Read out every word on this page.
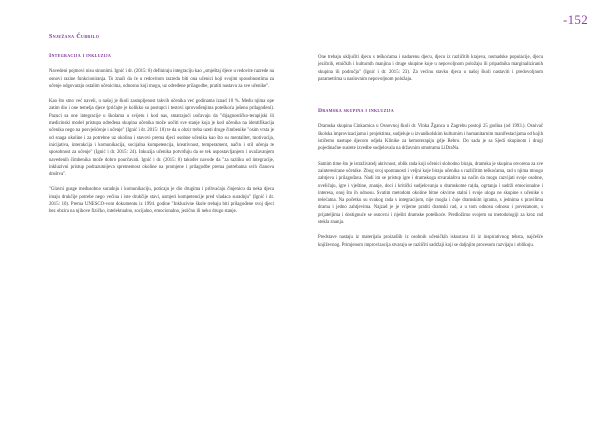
-152
Snježana Čubrilo
Integracija i inkluzija

Navedeni pojmovi nisu sinonimi. Ignić i dr. (2015: 8) definiraju integraciju kao „smještaj djece u redovite razrede na osnovi razine funkcioniranja. To znači da će u redovitom razredu biti ona učenici koji svojim sposobnostima za učenje odgovaraju ostalim učenicima, odnosno koji mogu, uz određene prilagodbe, pratiti nastavu za sve učenike".

Kao što smo već naveli, u našoj je školi zastupljenost takvih učenika već godinama iznad 10 %. Među njima ope zatim dio i one temelja djece (pričajte je kolikko su postupci i testovi sprovođenjima poteškoća jošeno prilagođeni). Pazuci sa one integracije u školama u svijetu i kod nas, smatrajući uočavaju da "dijagnostičko-terapijski ili medicinski model pristupa određena skupina učenika može uočiti sve stanje koja je kod učenika na identifikacija učenika nego na posvješćenje i učenje" (Ignić i dr. 2015: 18) te da u obzir treba uzeti druge čimbenike "osim vrsta je od snaga okoline i za potrebne uz okolina i stavovi prema djeci osobne učenika kao što su mentalitet, motivacija, inicijativa, interakcija i komunikacija, socijalna kompetencija, kreativnost, temperament, način i stil učenja te sposobnost za učenje" (Ignić i dr. 2015: 24). Inkuzija učenika potvrđuju da se tek uspostavljanjem i uvažavanjem navedenih čimbenika može dobro pourčavati. Ignić i dr. (2015: 8) također navode da "za razliku od integracije, inkluzivni pristup podrazumijeva sprememost okoline na promjene i prilagodbe prema potrebama svih članova društva".

"Glavni gusge međusobno suradnju i komunikaciju, poticaju je dio drugima i prihvaćaju činjenicu da neka djeca imaju drukčije potrebe nego većina i iste drukčije stavi, usmjeri kompetencije pred vladaca suradnju" (Ignić i dr. 2015: 10). Prema UNESCO-vom dokumentu iz 1994. godine "Inkluzivne škole trebaju biti prilagođene svoj djeci bez obzira na njihove fizičko, intelektualno, socijalno, emocionalno, jezično ili neko drugo stanje.

One trebaju uključiti djecu s teškoćama i nadarenu djecu, djecu iz različitih krajeva, nomadske populacije, djecu jezičnih, etničkih i kulturnih manjina i druge skupine koje u nepovoljnom položaju ili pripadnika marginaliziranih skupina ili područja" (Ignić i dr. 2015: 23). Za većinu stavku djeca u našoj školi nastaviti i predovoljnom parametrima u naslovnim nepovoljnom položaju.

Dramska skupina i inkluzija

Dramska skupina Cinkarnica u Osnovnoj školi dr. Vinka Žganca u Zagrebu postoji 25 godina (od 1993.). Osnivač školska improvizacijama i projektima, sudjeluje u izvanškolskim kulturnim i humanitarnim manifestacijama od kojih ističemo nastupe djecom odjela Klinike za kemoterapiju gdje Rebro. Do sada je sa Sjedi skupinom i drugi pojedinačne susrete izvedbe sudjelovala na državnim smotrama LiDraNa.

Samim time što je istraživatelj aktivnost, oblik rada koji učenici slobodno biraju, dramska je skupina otvorena za sve zainteresirane učenike. Zbog svoj spontanosti i veljni koje biraju učenika s različitim teškoćama, rad s njima mnogo zahtjeva i prilagođava. Nadi im se pristup igre i dramskoga stvaralaštva na način da mogu razvijati svoje osobne, uveličaju, igre i vještine, znanje, doci i kritički sudjelovanja u dramskome ra(da, ogrtanja i sadrži emocionalne i interesa, onoj što ih odnosu. Svatim metodom okoline bitne okvirne stalni i svoje uloga ne skupine s učenike s tešećama. Na početku su svakog rada s integracijom, nije mogla i čuje dramskim igrama, s jednima s pravilima drama i jedno zahtjevima. Najzad je je vrijeme pratiti dramski rad, a u tom odnosu odnosu i povezanom, s prijateljima i dostignuće se osnovni i riješiti dramske poteškoće. Predložimo svojem su metodologiji za kroz rad stekla znanja.

Predstave nastaju iz materijala proizašlih iz osobnih učeničkih iskustava ili iz inspirativnog teksta, najčešće književnog. Primjenom improvizacija stvaraju se različiti sadržaji koji se daljnjim procesom razvijaju i oblikuju.
